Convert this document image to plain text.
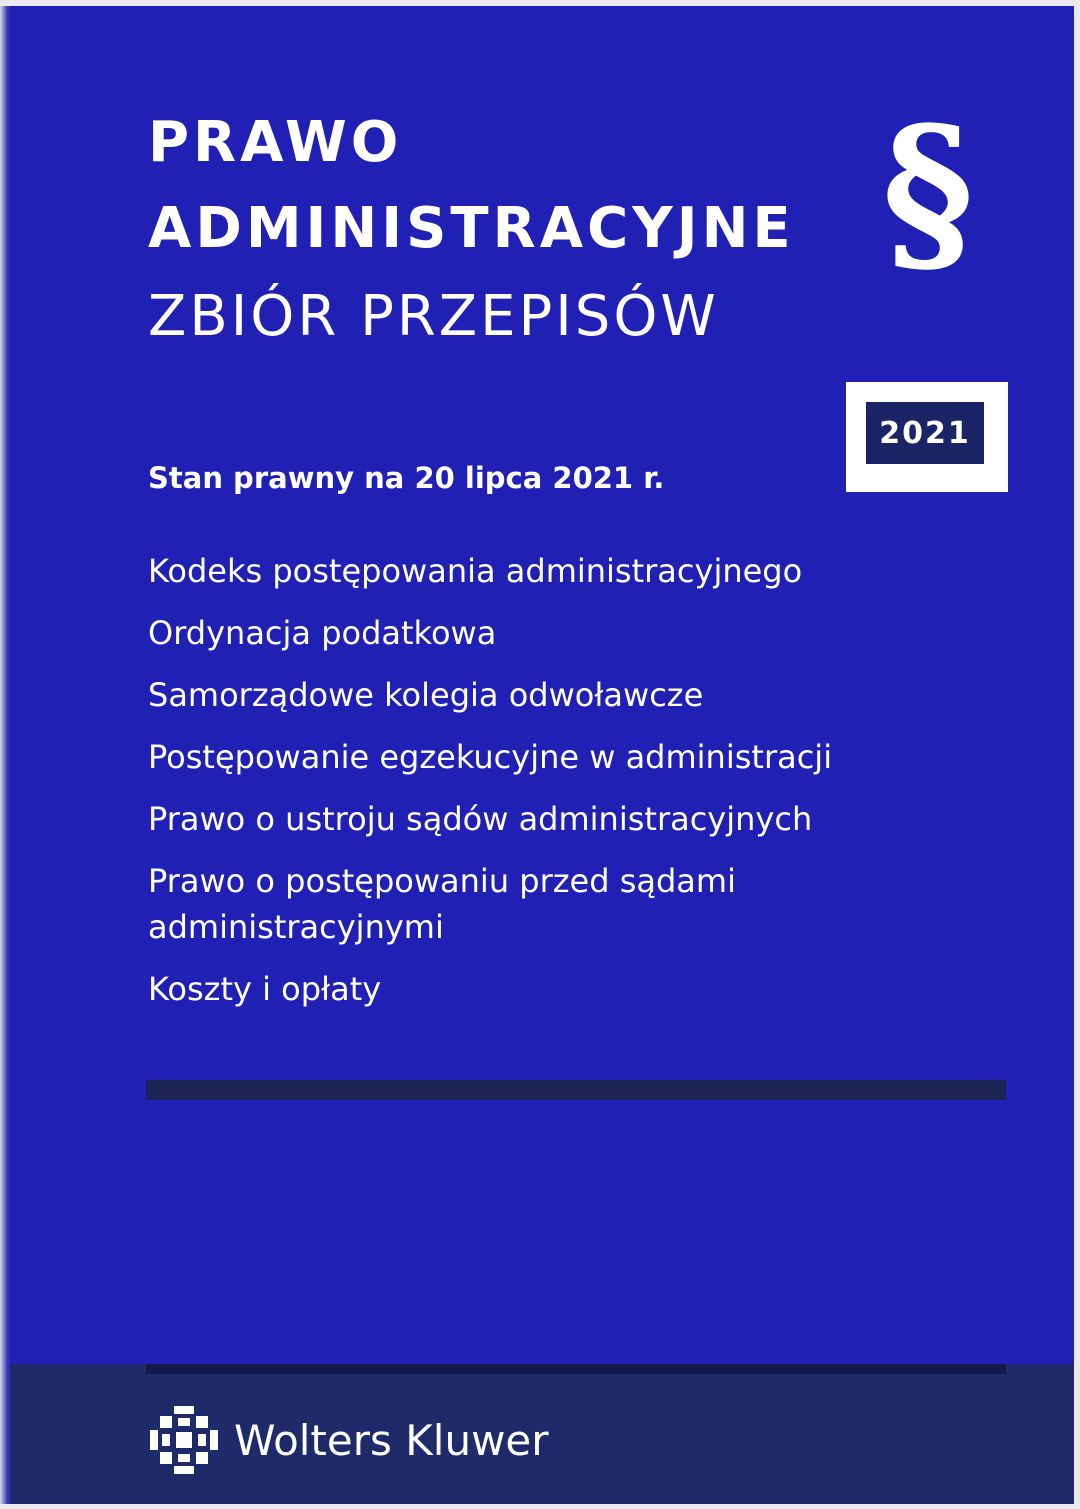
PRAWO
ADMINISTRACYJNE
ZBIÓR PRZEPISÓW
§
2021
Stan prawny na 20 lipca 2021 r.
Kodeks postępowania administracyjnego
Ordynacja podatkowa
Samorządowe kolegia odwoławcze
Postępowanie egzekucyjne w administracji
Prawo o ustroju sądów administracyjnych
Prawo o postępowaniu przed sądami administracyjnymi
Koszty i opłaty
Wolters Kluwer
